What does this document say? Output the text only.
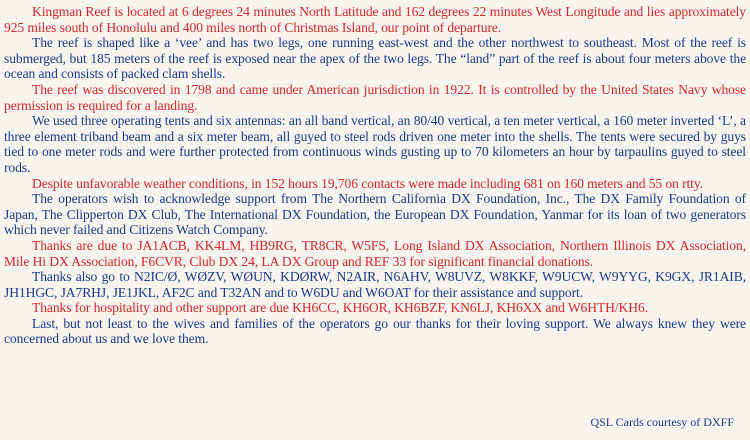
Kingman Reef is located at 6 degrees 24 minutes North Latitude and 162 degrees 22 minutes West Longitude and lies approximately 925 miles south of Honolulu and 400 miles north of Christmas Island, our point of departure.

The reef is shaped like a ‘vee’ and has two legs, one running east-west and the other northwest to southeast. Most of the reef is submerged, but 185 meters of the reef is exposed near the apex of the two legs. The “land” part of the reef is about four meters above the ocean and consists of packed clam shells.

The reef was discovered in 1798 and came under American jurisdiction in 1922. It is controlled by the United States Navy whose permission is required for a landing.

We used three operating tents and six antennas: an all band vertical, an 80/40 vertical, a ten meter vertical, a 160 meter inverted ‘L’, a three element triband beam and a six meter beam, all guyed to steel rods driven one meter into the shells. The tents were secured by guys tied to one meter rods and were further protected from continuous winds gusting up to 70 kilometers an hour by tarpaulins guyed to steel rods.

Despite unfavorable weather conditions, in 152 hours 19,706 contacts were made including 681 on 160 meters and 55 on rtty.

The operators wish to acknowledge support from The Northern California DX Foundation, Inc., The DX Family Foundation of Japan, The Clipperton DX Club, The International DX Foundation, the European DX Foundation, Yanmar for its loan of two generators which never failed and Citizens Watch Company.

Thanks are due to JA1ACB, KK4LM, HB9RG, TR8CR, W5FS, Long Island DX Association, Northern Illinois DX Association, Mile Hi DX Association, F6CVR, Club DX 24, LA DX Group and REF 33 for significant financial donations.

Thanks also go to N2IC/Ø, WØZV, WØUN, KDØRW, N2AIR, N6AHV, W8UVZ, W8KKF, W9UCW, W9YYG, K9GX, JR1AIB, JH1HGC, JA7RHJ, JE1JKL, AF2C and T32AN and to W6DU and W6OAT for their assistance and support.

Thanks for hospitality and other support are due KH6CC, KH6OR, KH6BZF, KN6LJ, KH6XX and W6HTH/KH6.

Last, but not least to the wives and families of the operators go our thanks for their loving support. We always knew they were concerned about us and we love them.

QSL Cards courtesy of DXFF
